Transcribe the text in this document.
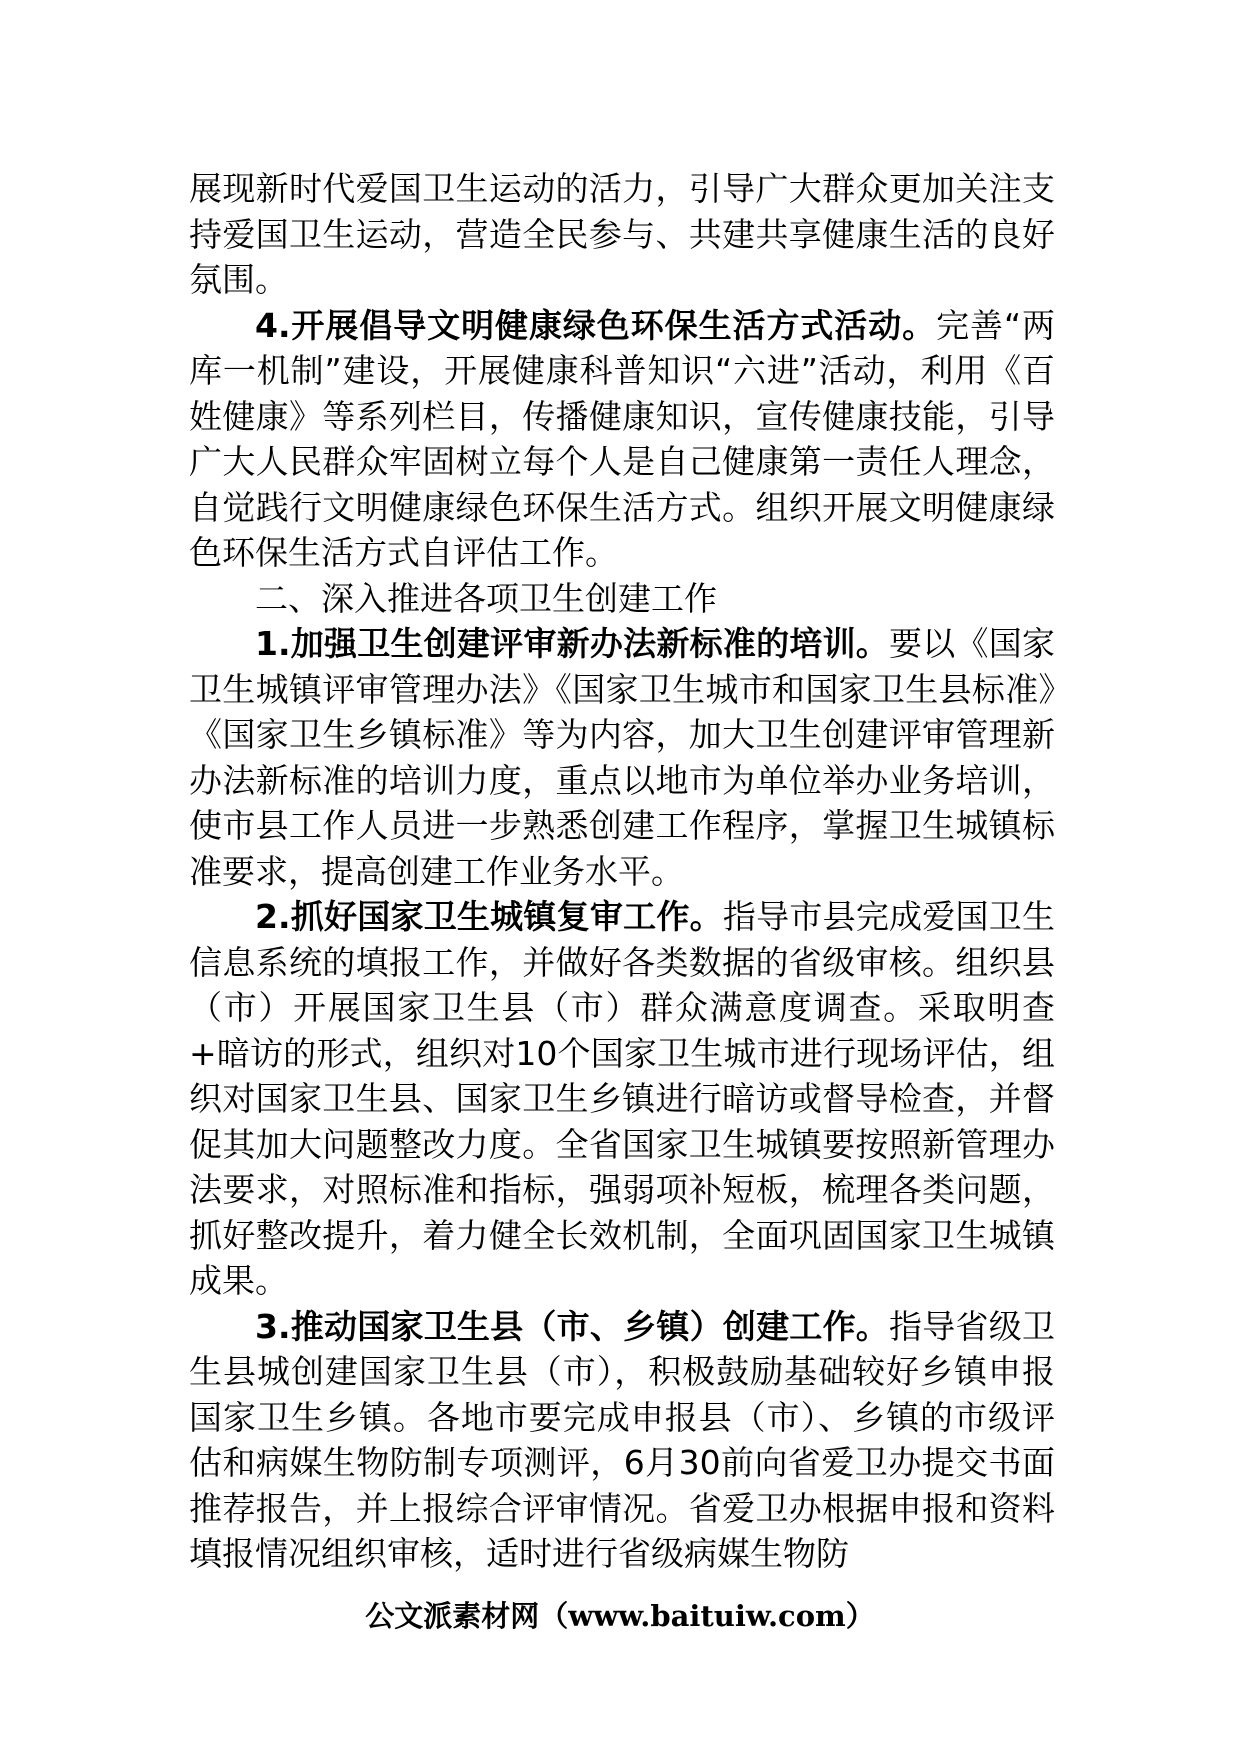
展现新时代爱国卫生运动的活力，引导广大群众更加关注支持爱国卫生运动，营造全民参与、共建共享健康生活的良好氛围。

4.开展倡导文明健康绿色环保生活方式活动。完善“两库一机制”建设，开展健康科普知识“六进”活动，利用《百姓健康》等系列栏目，传播健康知识，宣传健康技能，引导广大人民群众牢固树立每个人是自己健康第一责任人理念，自觉践行文明健康绿色环保生活方式。组织开展文明健康绿色环保生活方式自评估工作。

二、深入推进各项卫生创建工作

1.加强卫生创建评审新办法新标准的培训。要以《国家卫生城镇评审管理办法》《国家卫生城市和国家卫生县标准》《国家卫生乡镇标准》等为内容，加大卫生创建评审管理新办法新标准的培训力度，重点以地市为单位举办业务培训，使市县工作人员进一步熟悉创建工作程序，掌握卫生城镇标准要求，提高创建工作业务水平。

2.抓好国家卫生城镇复审工作。指导市县完成爱国卫生信息系统的填报工作，并做好各类数据的省级审核。组织县（市）开展国家卫生县（市）群众满意度调查。采取明查+暗访的形式，组织对10个国家卫生城市进行现场评估，组织对国家卫生县、国家卫生乡镇进行暗访或督导检查，并督促其加大问题整改力度。全省国家卫生城镇要按照新管理办法要求，对照标准和指标，强弱项补短板，梳理各类问题，抓好整改提升，着力健全长效机制，全面巩固国家卫生城镇成果。

3.推动国家卫生县（市、乡镇）创建工作。指导省级卫生县城创建国家卫生县（市），积极鼓励基础较好乡镇申报国家卫生乡镇。各地市要完成申报县（市）、乡镇的市级评估和病媒生物防制专项测评，6月30前向省爱卫办提交书面推荐报告，并上报综合评审情况。省爱卫办根据申报和资料填报情况组织审核，适时进行省级病媒生物防

公文派素材网（www.baituiw.com）
